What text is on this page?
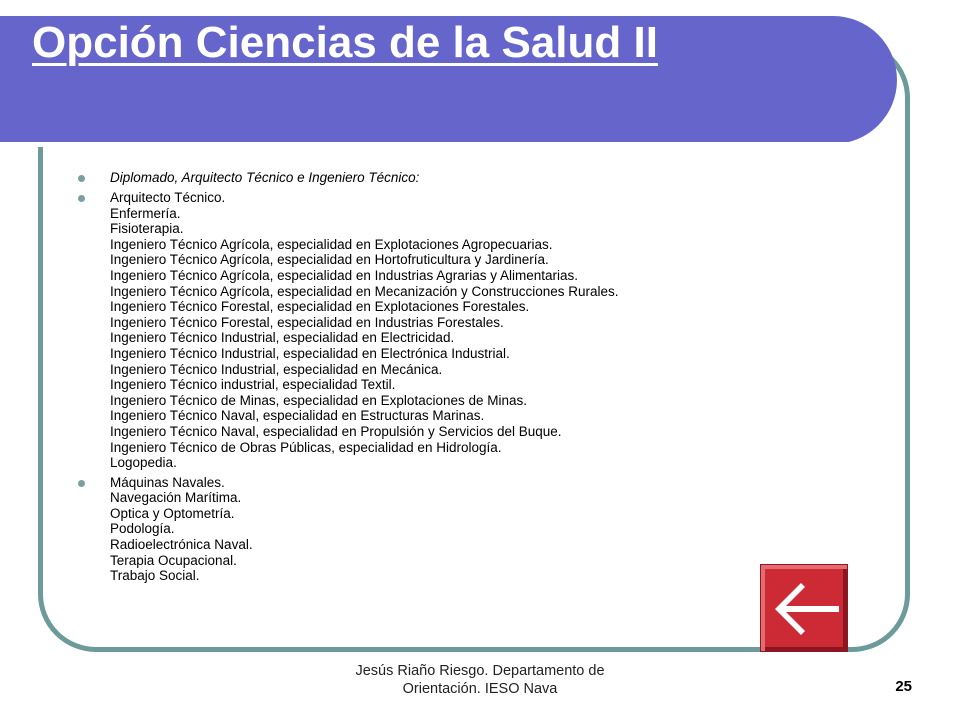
Opción Ciencias de la Salud II
Diplomado, Arquitecto Técnico e Ingeniero Técnico:
Arquitecto Técnico.
Enfermería.
Fisioterapia.
Ingeniero Técnico Agrícola, especialidad en Explotaciones Agropecuarias.
Ingeniero Técnico Agrícola, especialidad en Hortofruticultura y Jardinería.
Ingeniero Técnico Agrícola, especialidad en Industrias Agrarias y Alimentarias.
Ingeniero Técnico Agrícola, especialidad en Mecanización y Construcciones Rurales.
Ingeniero Técnico Forestal, especialidad en Explotaciones Forestales.
Ingeniero Técnico Forestal, especialidad en Industrias Forestales.
Ingeniero Técnico Industrial, especialidad en Electricidad.
Ingeniero Técnico Industrial, especialidad en Electrónica Industrial.
Ingeniero Técnico Industrial, especialidad en Mecánica.
Ingeniero Técnico industrial, especialidad Textil.
Ingeniero Técnico de Minas, especialidad en Explotaciones de Minas.
Ingeniero Técnico Naval, especialidad en Estructuras Marinas.
Ingeniero Técnico Naval, especialidad en Propulsión y Servicios del Buque.
Ingeniero Técnico de Obras Públicas, especialidad en Hidrología.
Logopedia.
Máquinas Navales.
Navegación Marítima.
Optica y Optometría.
Podología.
Radioelectrónica Naval.
Terapia Ocupacional.
Trabajo Social.
Jesús Riaño Riesgo. Departamento de
Orientación. IESO Nava	25
